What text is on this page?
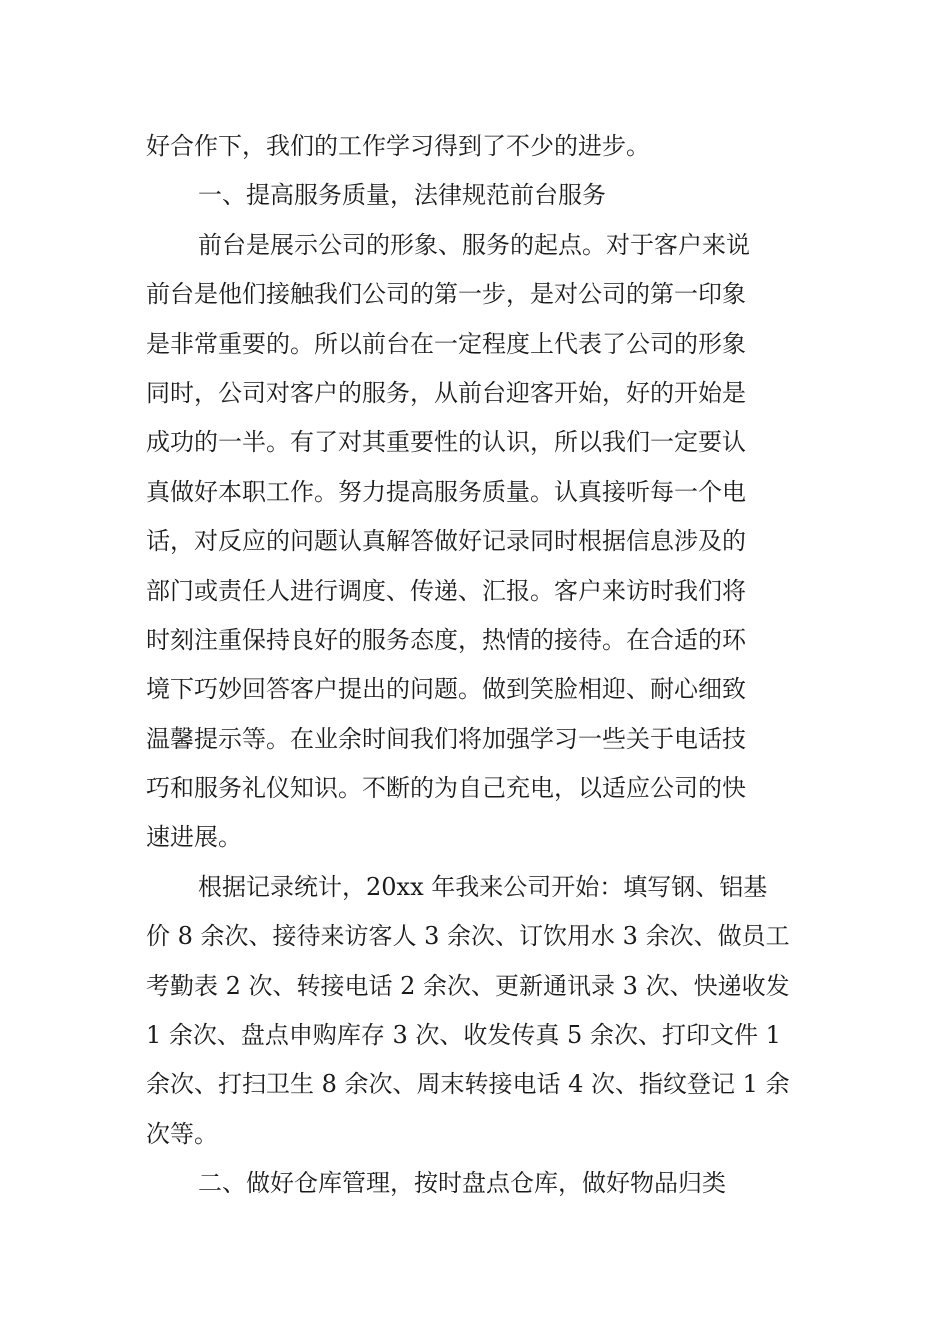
好合作下，我们的工作学习得到了不少的进步。
一、提高服务质量，法律规范前台服务
前台是展示公司的形象、服务的起点。对于客户来说
前台是他们接触我们公司的第一步，是对公司的第一印象
是非常重要的。所以前台在一定程度上代表了公司的形象
同时，公司对客户的服务，从前台迎客开始，好的开始是
成功的一半。有了对其重要性的认识，所以我们一定要认
真做好本职工作。努力提高服务质量。认真接听每一个电
话，对反应的问题认真解答做好记录同时根据信息涉及的
部门或责任人进行调度、传递、汇报。客户来访时我们将
时刻注重保持良好的服务态度，热情的接待。在合适的环
境下巧妙回答客户提出的问题。做到笑脸相迎、耐心细致
温馨提示等。在业余时间我们将加强学习一些关于电话技
巧和服务礼仪知识。不断的为自己充电，以适应公司的快
速进展。
根据记录统计，20xx 年我来公司开始：填写钢、铝基
价 8 余次、接待来访客人 3 余次、订饮用水 3 余次、做员工
考勤表 2 次、转接电话 2 余次、更新通讯录 3 次、快递收发
1 余次、盘点申购库存 3 次、收发传真 5 余次、打印文件 1
余次、打扫卫生 8 余次、周末转接电话 4 次、指纹登记 1 余
次等。
二、做好仓库管理，按时盘点仓库，做好物品归类
